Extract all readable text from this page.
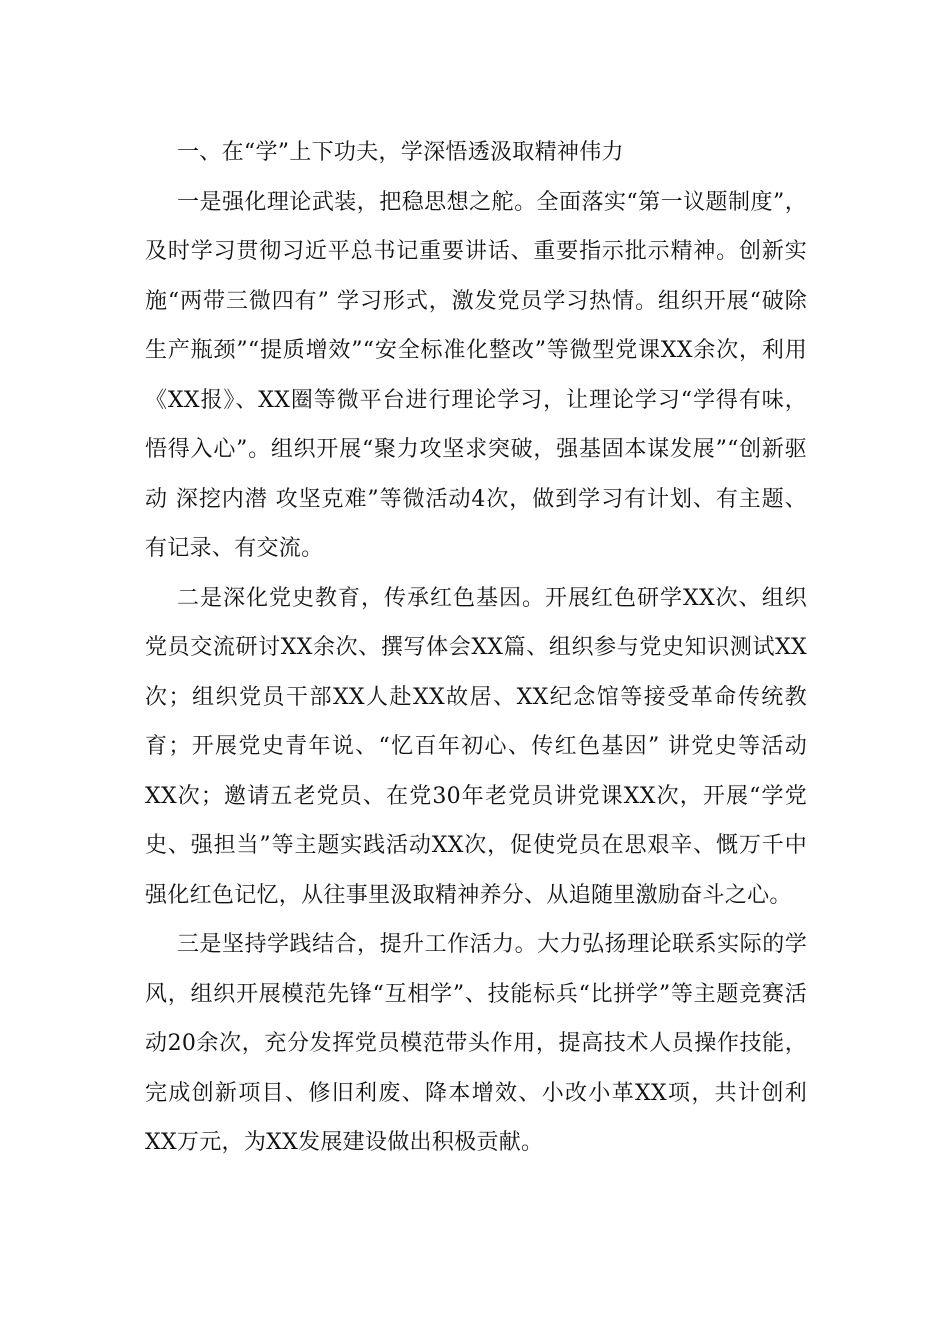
一、在“学”上下功夫，学深悟透汲取精神伟力

一是强化理论武装，把稳思想之舵。全面落实“第一议题制度”，及时学习贯彻习近平总书记重要讲话、重要指示批示精神。创新实施“两带三微四有” 学习形式，激发党员学习热情。组织开展“破除生产瓶颈”“提质增效”“安全标准化整改”等微型党课XX余次，利用《XX报》、XX圈等微平台进行理论学习，让理论学习“学得有味，悟得入心”。组织开展“聚力攻坚求突破，强基固本谋发展”“创新驱动 深挖内潜 攻坚克难”等微活动4次，做到学习有计划、有主题、有记录、有交流。

二是深化党史教育，传承红色基因。开展红色研学XX次、组织党员交流研讨XX余次、撰写体会XX篇、组织参与党史知识测试XX次；组织党员干部XX人赴XX故居、XX纪念馆等接受革命传统教育；开展党史青年说、“忆百年初心、传红色基因” 讲党史等活动XX次；邀请五老党员、在党30年老党员讲党课XX次，开展“学党史、强担当”等主题实践活动XX次，促使党员在思艰辛、慨万千中强化红色记忆，从往事里汲取精神养分、从追随里激励奋斗之心。

三是坚持学践结合，提升工作活力。大力弘扬理论联系实际的学风，组织开展模范先锋“互相学”、技能标兵“比拼学”等主题竞赛活动20余次，充分发挥党员模范带头作用，提高技术人员操作技能，完成创新项目、修旧利废、降本增效、小改小革XX项，共计创利XX万元，为XX发展建设做出积极贡献。
